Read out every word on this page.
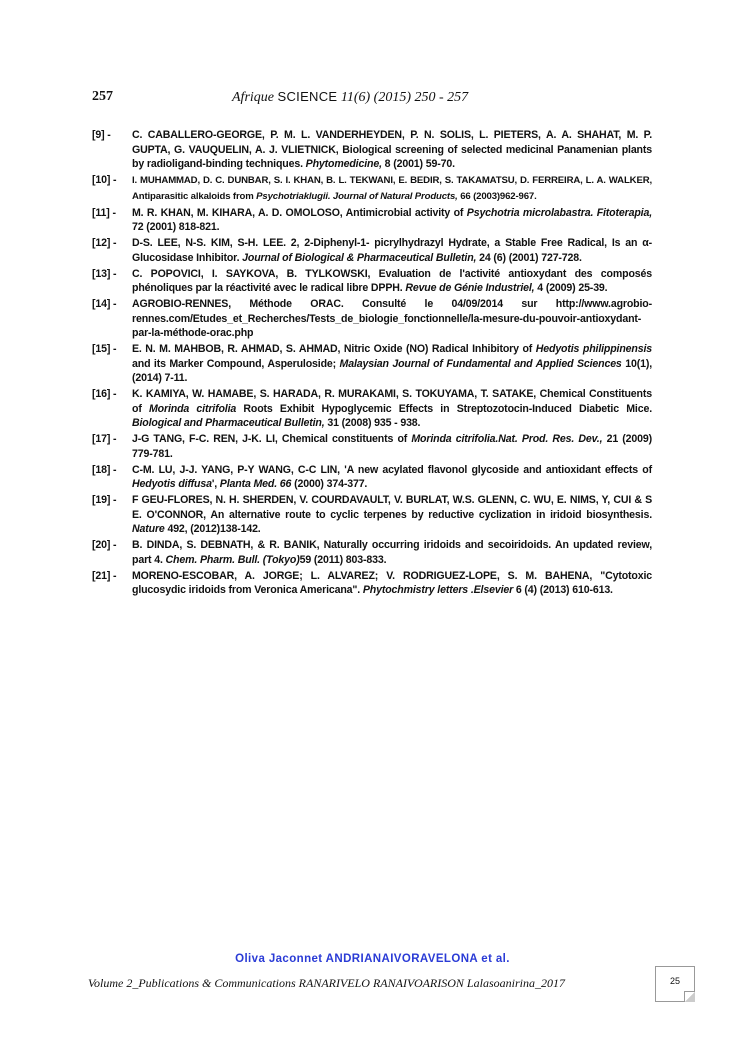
257	Afrique SCIENCE 11(6) (2015) 250 - 257
[9] -	C. CABALLERO-GEORGE, P. M. L. VANDERHEYDEN, P. N. SOLIS, L. PIETERS, A. A. SHAHAT, M. P. GUPTA, G. VAUQUELIN, A. J. VLIETNICK, Biological screening of selected medicinal Panamenian plants by radioligand-binding techniques. Phytomedicine, 8 (2001) 59-70.
[10] -	I. MUHAMMAD, D. C. DUNBAR, S. I. KHAN, B. L. TEKWANI, E. BEDIR, S. TAKAMATSU, D. FERREIRA, L. A. WALKER, Antiparasitic alkaloids from Psychotriaklugii. Journal of Natural Products, 66 (2003)962-967.
[11] -	M. R. KHAN, M. KIHARA, A. D. OMOLOSO, Antimicrobial activity of Psychotria microlabastra. Fitoterapia, 72 (2001) 818-821.
[12] -	D-S. LEE, N-S. KIM, S-H. LEE. 2, 2-Diphenyl-1- picrylhydrazyl Hydrate, a Stable Free Radical, Is an α-Glucosidase Inhibitor. Journal of Biological & Pharmaceutical Bulletin, 24 (6) (2001) 727-728.
[13] -	C. POPOVICI, I. SAYKOVA, B. TYLKOWSKI, Evaluation de l'activité antioxydant des composés phénoliques par la réactivité avec le radical libre DPPH. Revue de Génie Industriel, 4 (2009) 25-39.
[14] -	AGROBIO-RENNES, Méthode ORAC. Consulté le 04/09/2014 sur http://www.agrobio-rennes.com/Etudes_et_Recherches/Tests_de_biologie_fonctionnelle/la-mesure-du-pouvoir-antioxydant-par-la-méthode-orac.php
[15] -	E. N. M. MAHBOB, R. AHMAD, S. AHMAD, Nitric Oxide (NO) Radical Inhibitory of Hedyotis philippinensis and its Marker Compound, Asperuloside; Malaysian Journal of Fundamental and Applied Sciences 10(1), (2014) 7-11.
[16] -	K. KAMIYA, W. HAMABE, S. HARADA, R. MURAKAMI, S. TOKUYAMA, T. SATAKE, Chemical Constituents of Morinda citrifolia Roots Exhibit Hypoglycemic Effects in Streptozotocin-Induced Diabetic Mice. Biological and Pharmaceutical Bulletin, 31 (2008) 935 - 938.
[17] -	J-G TANG, F-C. REN, J-K. LI, Chemical constituents of Morinda citrifolia.Nat. Prod. Res. Dev., 21 (2009) 779-781.
[18] -	C-M. LU, J-J. YANG, P-Y WANG, C-C LIN, 'A new acylated flavonol glycoside and antioxidant effects of Hedyotis diffusa', Planta Med. 66 (2000) 374-377.
[19] -	F GEU-FLORES, N. H. SHERDEN, V. COURDAVAULT, V. BURLAT, W.S. GLENN, C. WU, E. NIMS, Y, CUI & S E. O'CONNOR, An alternative route to cyclic terpenes by reductive cyclization in iridoid biosynthesis. Nature 492, (2012)138-142.
[20] -	B. DINDA, S. DEBNATH, & R. BANIK, Naturally occurring iridoids and secoiridoids. An updated review, part 4. Chem. Pharm. Bull. (Tokyo)59 (2011) 803-833.
[21] -	MORENO-ESCOBAR, A. JORGE; L. ALVAREZ; V. RODRIGUEZ-LOPE, S. M. BAHENA, "Cytotoxic glucosydic iridoids from Veronica Americana". Phytochmistry letters .Elsevier 6 (4) (2013) 610-613.
Oliva Jaconnet ANDRIANAIVORAVELONA et al.
Volume 2_Publications & Communications RANARIVELO RANAIVOARISON Lalasoanirina_2017	25
